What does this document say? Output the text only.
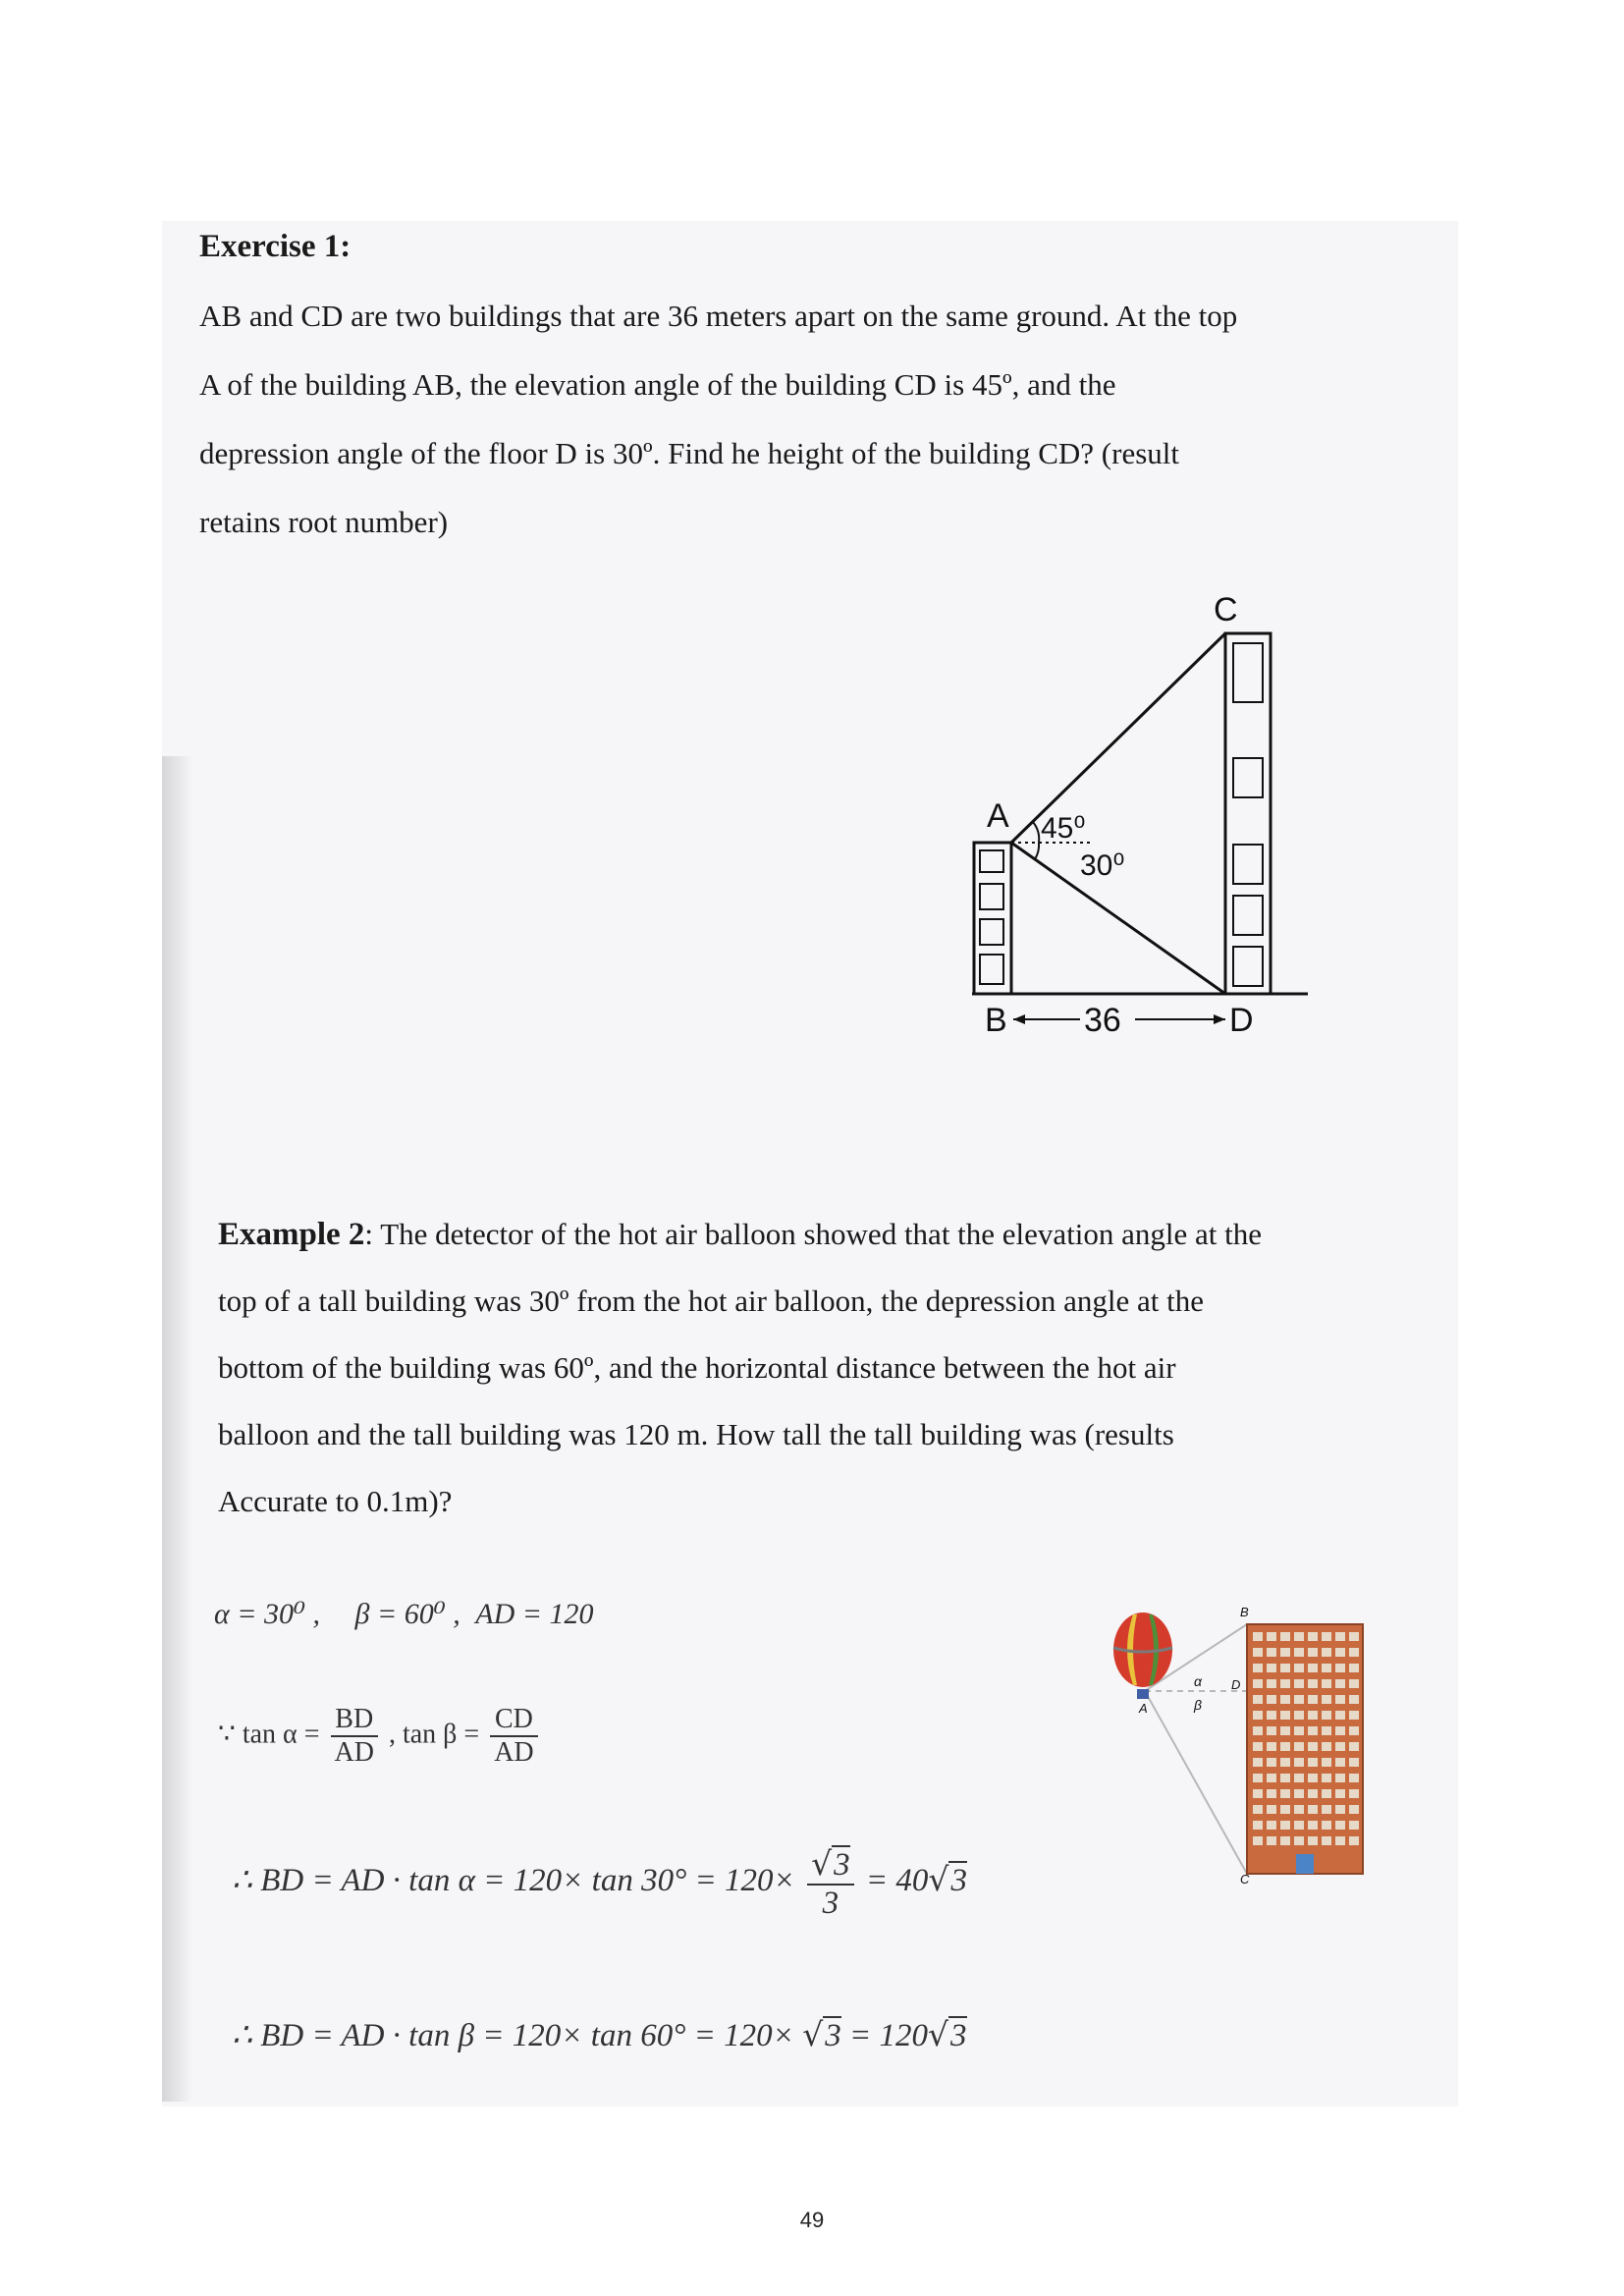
Exercise 1:

AB and CD are two buildings that are 36 meters apart on the same ground. At the top

A of the building AB, the elevation angle of the building CD is 45º, and the

depression angle of the floor D is 30º. Find he height of the building CD? (result

retains root number)

A
B
C
D
45⁰
30⁰
36

Example 2: The detector of the hot air balloon showed that the elevation angle at the

top of a tall building was 30º from the hot air balloon, the depression angle at the

bottom of the building was 60º, and the horizontal distance between the hot air

balloon and the tall building was 120 m. How tall the tall building was (results

Accurate to 0.1m)?

α = 30⁰ , β = 60⁰ , AD = 120
∵ $\tan \alpha = \frac{BD}{AD}$ , $\tan \beta = \frac{CD}{AD}$
∴ BD = AD · $\tan \alpha = 120\times \tan 30^\circ = 120\times \frac{√3}{3} = 40√3$
∴ BD = AD · tan β = 120× tan 60° = 120× √3 = 120√3
B
D
A
C
α
β
49
